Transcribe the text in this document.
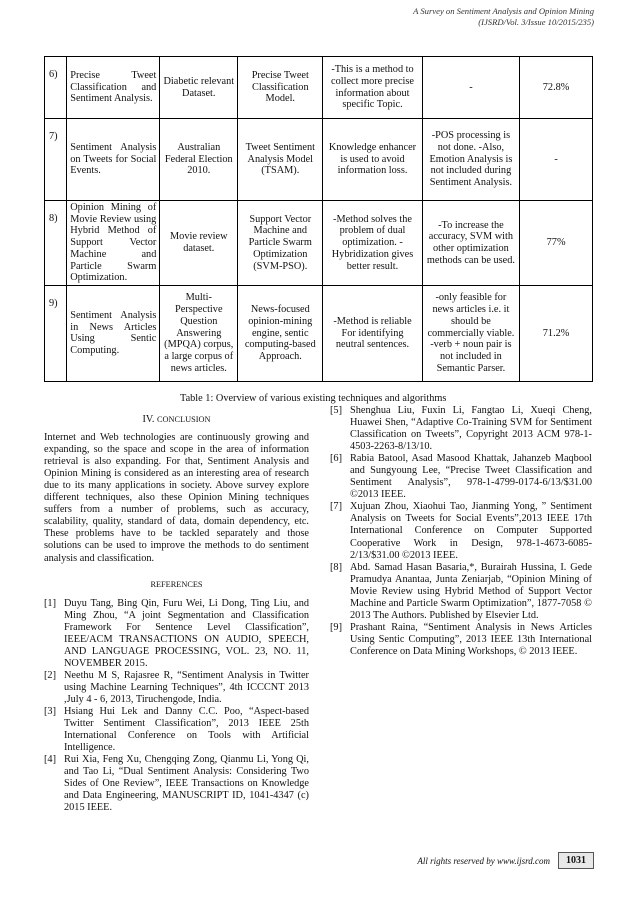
A Survey on Sentiment Analysis and Opinion Mining
(IJSRD/Vol. 3/Issue 10/2015/235)
6)	Precise Tweet Classification and Sentiment Analysis.	Diabetic relevant Dataset.	Precise Tweet Classification Model.	-This is a method to collect more precise information about specific Topic.	-	72.8%
7)	Sentiment Analysis on Tweets for Social Events.	Australian Federal Election 2010.	Tweet Sentiment Analysis Model (TSAM).	Knowledge enhancer is used to avoid information loss.	-POS processing is not done. -Also, Emotion Analysis is not included during Sentiment Analysis.	-
8)	Opinion Mining of Movie Review using Hybrid Method of Support Vector Machine and Particle Swarm Optimization.	Movie review dataset.	Support Vector Machine and Particle Swarm Optimization (SVM-PSO).	-Method solves the problem of dual optimization. -Hybridization gives better result.	-To increase the accuracy, SVM with other optimization methods can be used.	77%
9)	Sentiment Analysis in News Articles Using Sentic Computing.	Multi-Perspective Question Answering (MPQA) corpus, a large corpus of news articles.	News-focused opinion-mining engine, sentic computing-based Approach.	-Method is reliable For identifying neutral sentences.	-only feasible for news articles i.e. it should be commercially viable. -verb + noun pair is not included in Semantic Parser.	71.2%
Table 1: Overview of various existing techniques and algorithms
IV. CONCLUSION

Internet and Web technologies are continuously growing and expanding, so the space and scope in the area of information retrieval is also expanding. For that, Sentiment Analysis and Opinion Mining is considered as an interesting area of research due to its many applications in society. Above survey explore different techniques, also these Opinion Mining techniques suffers from a number of problems, such as accuracy, scalability, quality, standard of data, domain dependency, etc. These problems have to be tackled separately and those solutions can be used to improve the methods to do sentiment analysis and classification.

REFERENCES
[1] Duyu Tang, Bing Qin, Furu Wei, Li Dong, Ting Liu, and Ming Zhou, “A joint Segmentation and Classification Framework For Sentence Level Classification”, IEEE/ACM TRANSACTIONS ON AUDIO, SPEECH, AND LANGUAGE PROCESSING, VOL. 23, NO. 11, NOVEMBER 2015.
[2] Neethu M S, Rajasree R, “Sentiment Analysis in Twitter using Machine Learning Techniques”, 4th ICCCNT 2013 ,July 4 - 6, 2013, Tiruchengode, India.
[3] Hsiang Hui Lek and Danny C.C. Poo, “Aspect-based Twitter Sentiment Classification”, 2013 IEEE 25th International Conference on Tools with Artificial Intelligence.
[4] Rui Xia, Feng Xu, Chengqing Zong, Qianmu Li, Yong Qi, and Tao Li, “Dual Sentiment Analysis: Considering Two Sides of One Review”, IEEE Transactions on Knowledge and Data Engineering, MANUSCRIPT ID, 1041-4347 (c) 2015 IEEE.
[5] Shenghua Liu, Fuxin Li, Fangtao Li, Xueqi Cheng, Huawei Shen, “Adaptive Co-Training SVM for Sentiment Classification on Tweets”, Copyright 2013 ACM 978-1-4503-2263-8/13/10.
[6] Rabia Batool, Asad Masood Khattak, Jahanzeb Maqbool and Sungyoung Lee, “Precise Tweet Classification and Sentiment Analysis”, 978-1-4799-0174-6/13/$31.00 ©2013 IEEE.
[7] Xujuan Zhou, Xiaohui Tao, Jianming Yong, ” Sentiment Analysis on Tweets for Social Events”,2013 IEEE 17th International Conference on Computer Supported Cooperative Work in Design, 978-1-4673-6085-2/13/$31.00 ©2013 IEEE.
[8] Abd. Samad Hasan Basaria,*, Burairah Hussina, I. Gede Pramudya Anantaa, Junta Zeniarjab, “Opinion Mining of Movie Review using Hybrid Method of Support Vector Machine and Particle Swarm Optimization”, 1877-7058 © 2013 The Authors. Published by Elsevier Ltd.
[9] Prashant Raina, “Sentiment Analysis in News Articles Using Sentic Computing”, 2013 IEEE 13th International Conference on Data Mining Workshops, © 2013 IEEE.
All rights reserved by www.ijsrd.com	1031
